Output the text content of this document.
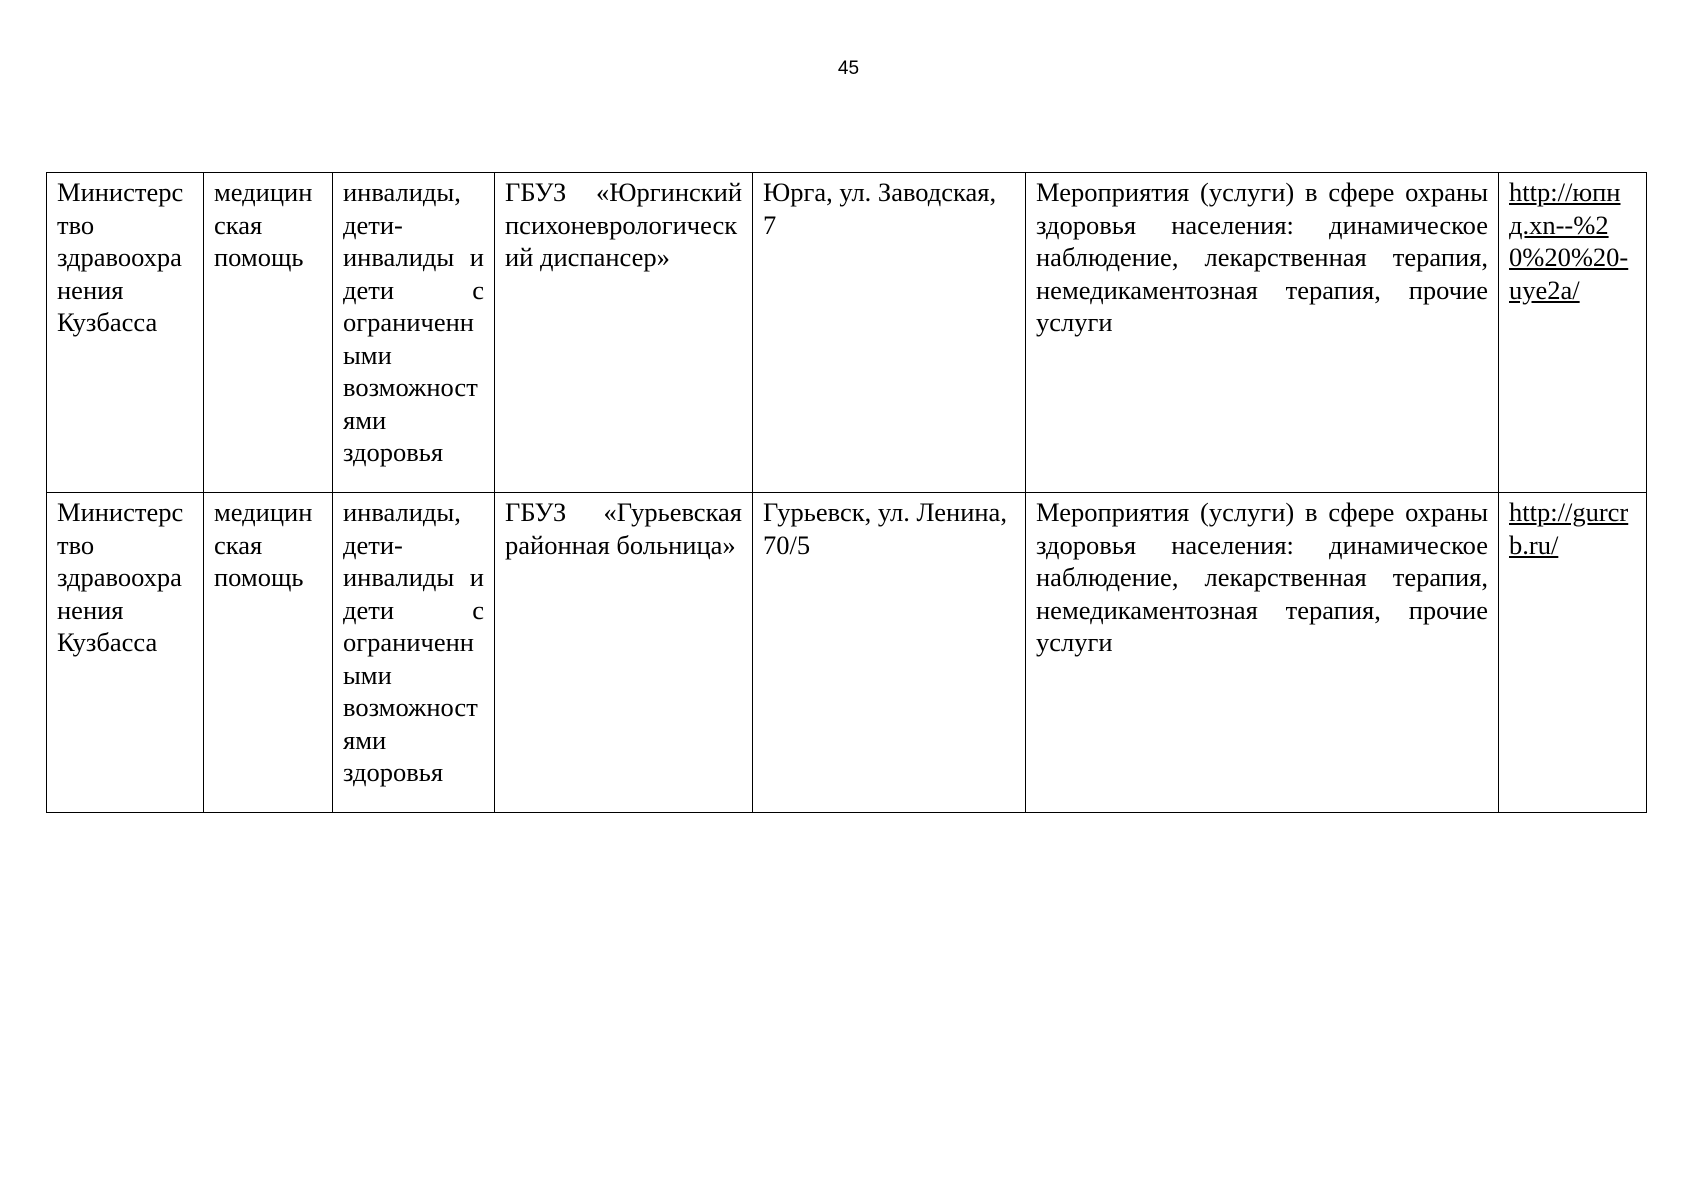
45
Министерство здравоохранения Кузбасса	медицинская помощь	инвалиды, дети-инвалиды и дети с ограниченными возможностями здоровья	ГБУЗ «Юргинский психоневрологический диспансер»	Юрга, ул. Заводская, 7	Мероприятия (услуги) в сфере охраны здоровья населения: динамическое наблюдение, лекарственная терапия, немедикаментозная терапия, прочие услуги	http://юпнд.xn--%20%20%20-uye2a/
Министерство здравоохранения Кузбасса	медицинская помощь	инвалиды, дети-инвалиды и дети с ограниченными возможностями здоровья	ГБУЗ «Гурьевская районная больница»	Гурьевск, ул. Ленина, 70/5	Мероприятия (услуги) в сфере охраны здоровья населения: динамическое наблюдение, лекарственная терапия, немедикаментозная терапия, прочие услуги	http://gurcrb.ru/
